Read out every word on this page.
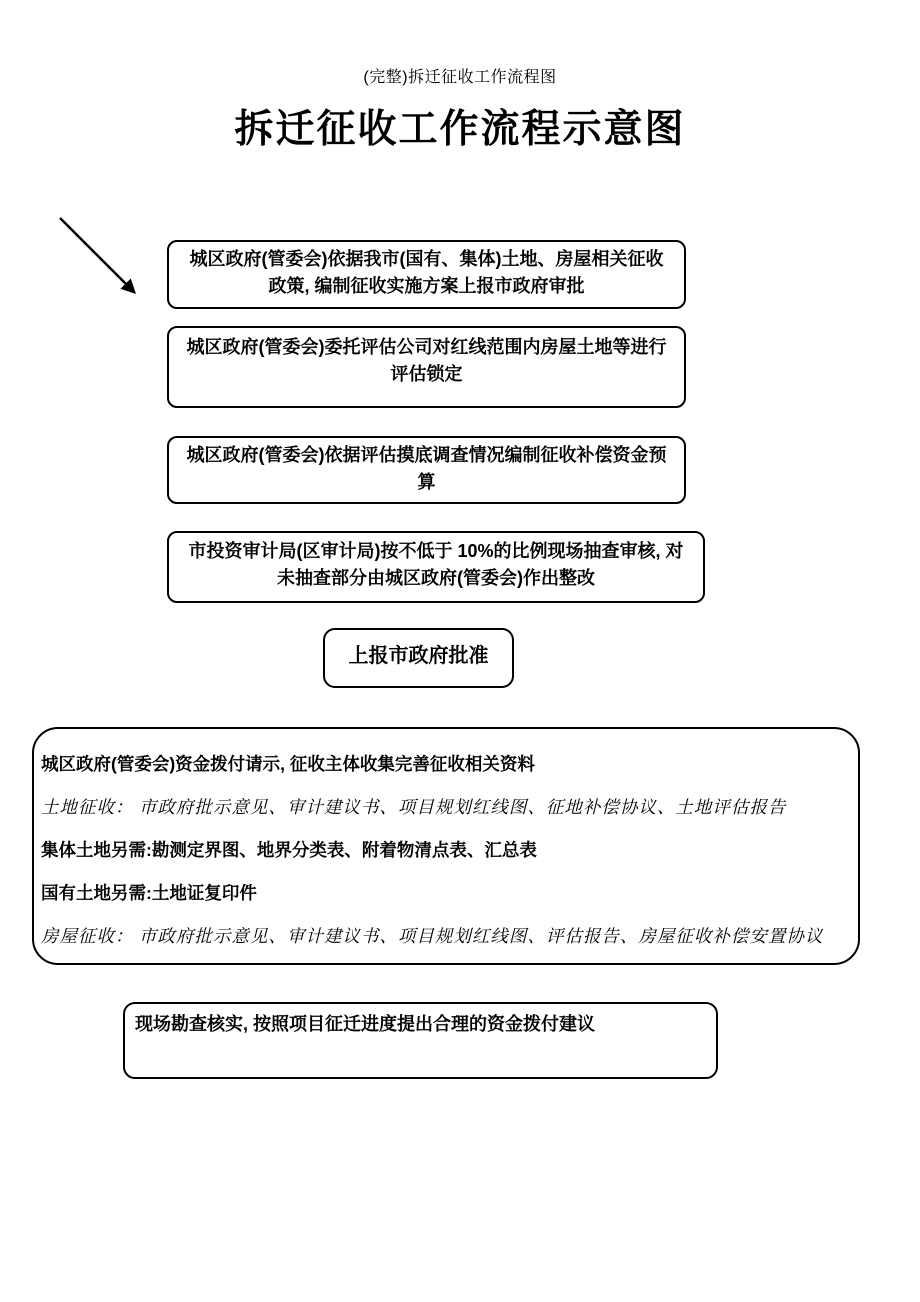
(完整)拆迁征收工作流程图
拆迁征收工作流程示意图
城区政府(管委会)依据我市(国有、集体)土地、房屋相关征收
政策, 编制征收实施方案上报市政府审批
城区政府(管委会)委托评估公司对红线范围内房屋土地等进行
评估锁定
城区政府(管委会)依据评估摸底调查情况编制征收补偿资金预
算
市投资审计局(区审计局)按不低于 10%的比例现场抽查审核, 对
未抽查部分由城区政府(管委会)作出整改
上报市政府批准
城区政府(管委会)资金拨付请示, 征收主体收集完善征收相关资料
土地征收： 市政府批示意见、审计建议书、项目规划红线图、征地补偿协议、土地评估报告
集体土地另需:勘测定界图、地界分类表、附着物清点表、汇总表
国有土地另需:土地证复印件
房屋征收： 市政府批示意见、审计建议书、项目规划红线图、评估报告、房屋征收补偿安置协议
现场勘查核实, 按照项目征迁进度提出合理的资金拨付建议
